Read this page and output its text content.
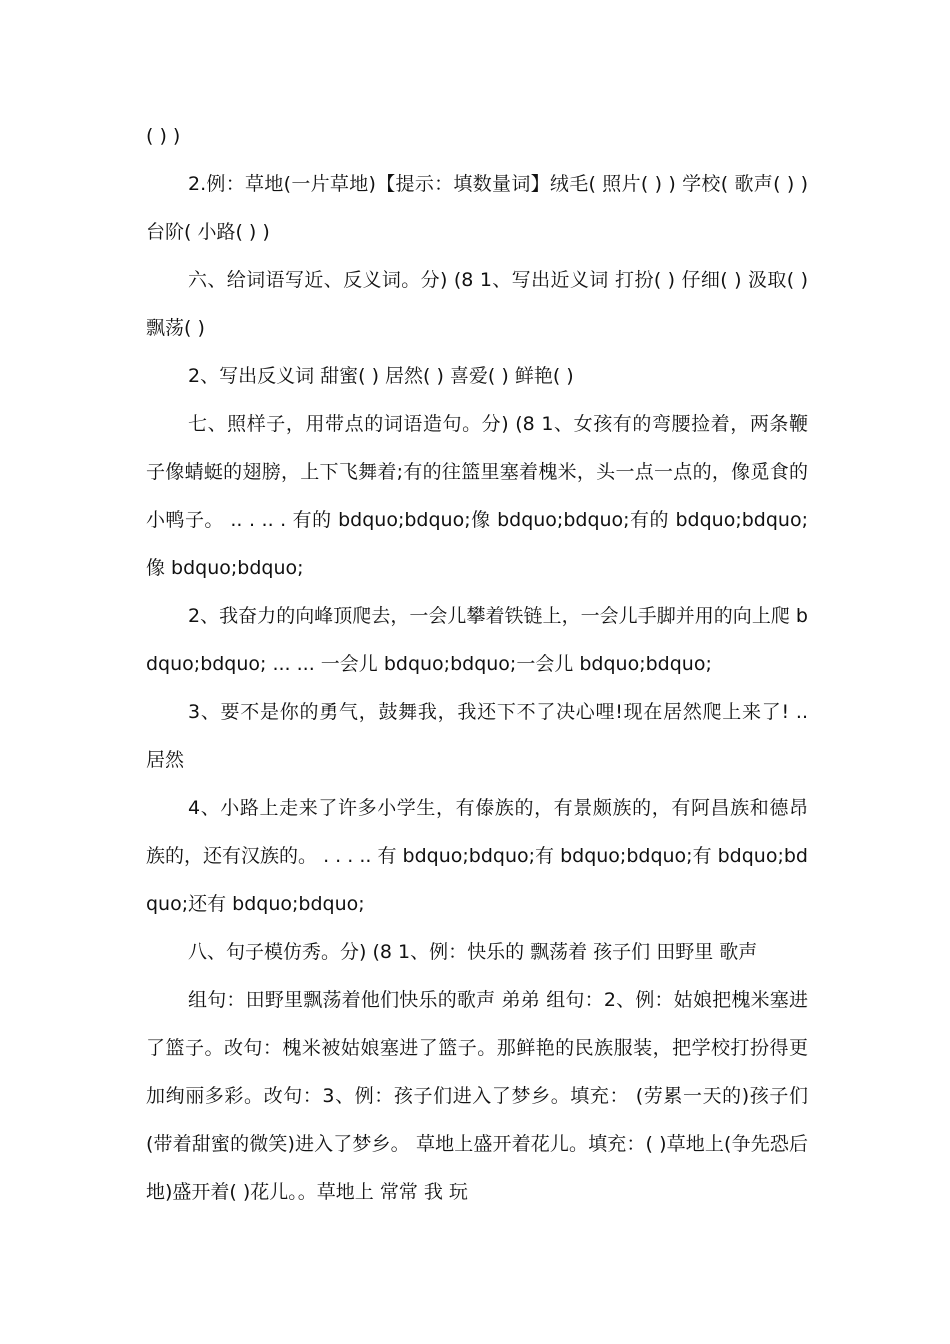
( ) )

2.例：草地(一片草地)【提示：填数量词】绒毛( 照片( ) ) 学校( 歌声( ) ) 台阶( 小路( ) )

六、给词语写近、反义词。分) (8 1、写出近义词 打扮( ) 仔细( ) 汲取( ) 飘荡( )

2、写出反义词 甜蜜( ) 居然( ) 喜爱( ) 鲜艳( )

七、照样子，用带点的词语造句。分) (8 1、女孩有的弯腰捡着，两条鞭子像蜻蜓的翅膀，上下飞舞着;有的往篮里塞着槐米，头一点一点的，像觅食的小鸭子。 .. . .. . 有的 bdquo;bdquo;像 bdquo;bdquo;有的 bdquo;bdquo;像 bdquo;bdquo;

2、我奋力的向峰顶爬去，一会儿攀着铁链上，一会儿手脚并用的向上爬 bdquo;bdquo; ... ... 一会儿 bdquo;bdquo;一会儿 bdquo;bdquo;

3、要不是你的勇气，鼓舞我，我还下不了决心哩!现在居然爬上来了! .. 居然

4、小路上走来了许多小学生，有傣族的，有景颇族的，有阿昌族和德昂族的，还有汉族的。 . . . .. 有 bdquo;bdquo;有 bdquo;bdquo;有 bdquo;bdquo;还有 bdquo;bdquo;

八、句子模仿秀。分) (8 1、例：快乐的 飘荡着 孩子们 田野里 歌声

组句：田野里飘荡着他们快乐的歌声 弟弟 组句：2、例：姑娘把槐米塞进了篮子。改句：槐米被姑娘塞进了篮子。那鲜艳的民族服装，把学校打扮得更加绚丽多彩。改句：3、例：孩子们进入了梦乡。填充： (劳累一天的)孩子们(带着甜蜜的微笑)进入了梦乡。 草地上盛开着花儿。填充：( )草地上(争先恐后地)盛开着( )花儿。。草地上 常常 我 玩
